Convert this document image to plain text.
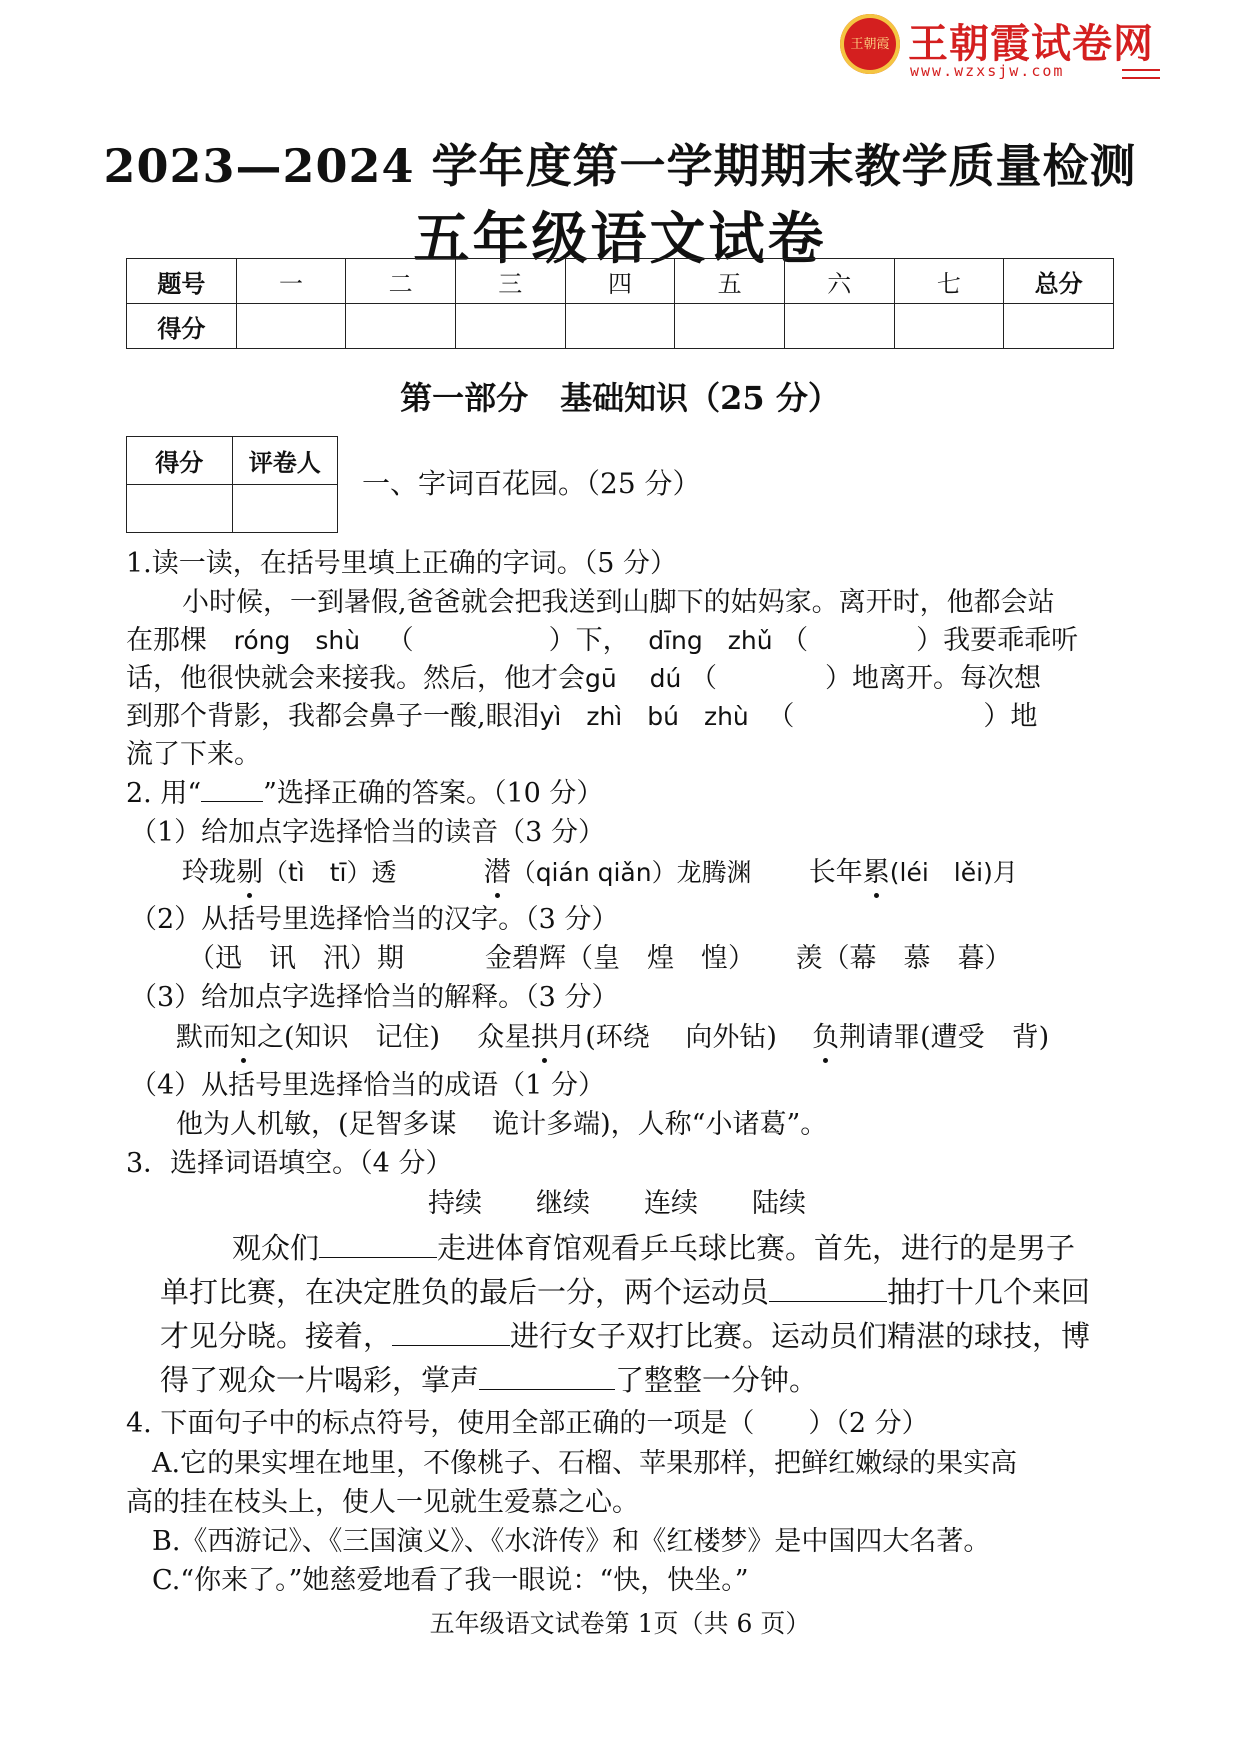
王朝霞 王朝霞试卷网
www.wzxsjw.com
2023—2024 学年度第一学期期末教学质量检测
五年级语文试卷
题号	一	二	三	四	五	六	七	总分
得分								
第一部分　基础知识（25 分）
得分	评卷人

一、字词百花园。（25 分）
1.读一读，在括号里填上正确的字词。（5 分）
小时候，一到暑假,爸爸就会把我送到山脚下的姑妈家。离开时，他都会站
在那棵 róng　shù （　　　　　）下， dīng　zhǔ （　　　　）我要乖乖听
话，他很快就会来接我。然后，他才会gū　 dú （　　　　）地离开。每次想
到那个背影，我都会鼻子一酸,眼泪yì　zhì　bú　zhù （　　　　　　　）地
流了下来。
2. 用“ ”选择正确的答案。（10 分）
（1）给加点字选择恰当的读音（3 分）
玲珑剔（tì　tī）透	潜（qián qiǎn）龙腾渊 长年累(léi　lěi)月
（2）从括号里选择恰当的汉字。（3 分）
（迅　讯　汛）期　　　金碧辉（皇　煌　惶）　　羡（幕　慕　暮）
（3）给加点字选择恰当的解释。（3 分）
默而知之(知识　记住) 众星拱月(环绕　 向外钻) 负荆请罪(遭受　背)
（4）从括号里选择恰当的成语（1 分）
他为人机敏，(足智多谋　 诡计多端)，人称“小诸葛”。
3．选择词语填空。（4 分）
持续　　继续　　连续　　陆续
观众们	走进体育馆观看乒乓球比赛。首先，进行的是男子
单打比赛，在决定胜负的最后一分，两个运动员	抽打十几个来回
才见分晓。接着，	进行女子双打比赛。运动员们精湛的球技，博
得了观众一片喝彩，掌声	了整整一分钟。
4. 下面句子中的标点符号，使用全部正确的一项是（　　）（2 分）
A.它的果实埋在地里，不像桃子、石榴、苹果那样，把鲜红嫩绿的果实高
高的挂在枝头上，使人一见就生爱慕之心。
B.《西游记》、《三国演义》、《水浒传》和《红楼梦》是中国四大名著。
C.“你来了。”她慈爱地看了我一眼说：“快，快坐。”
五年级语文试卷第 1页（共 6 页）
